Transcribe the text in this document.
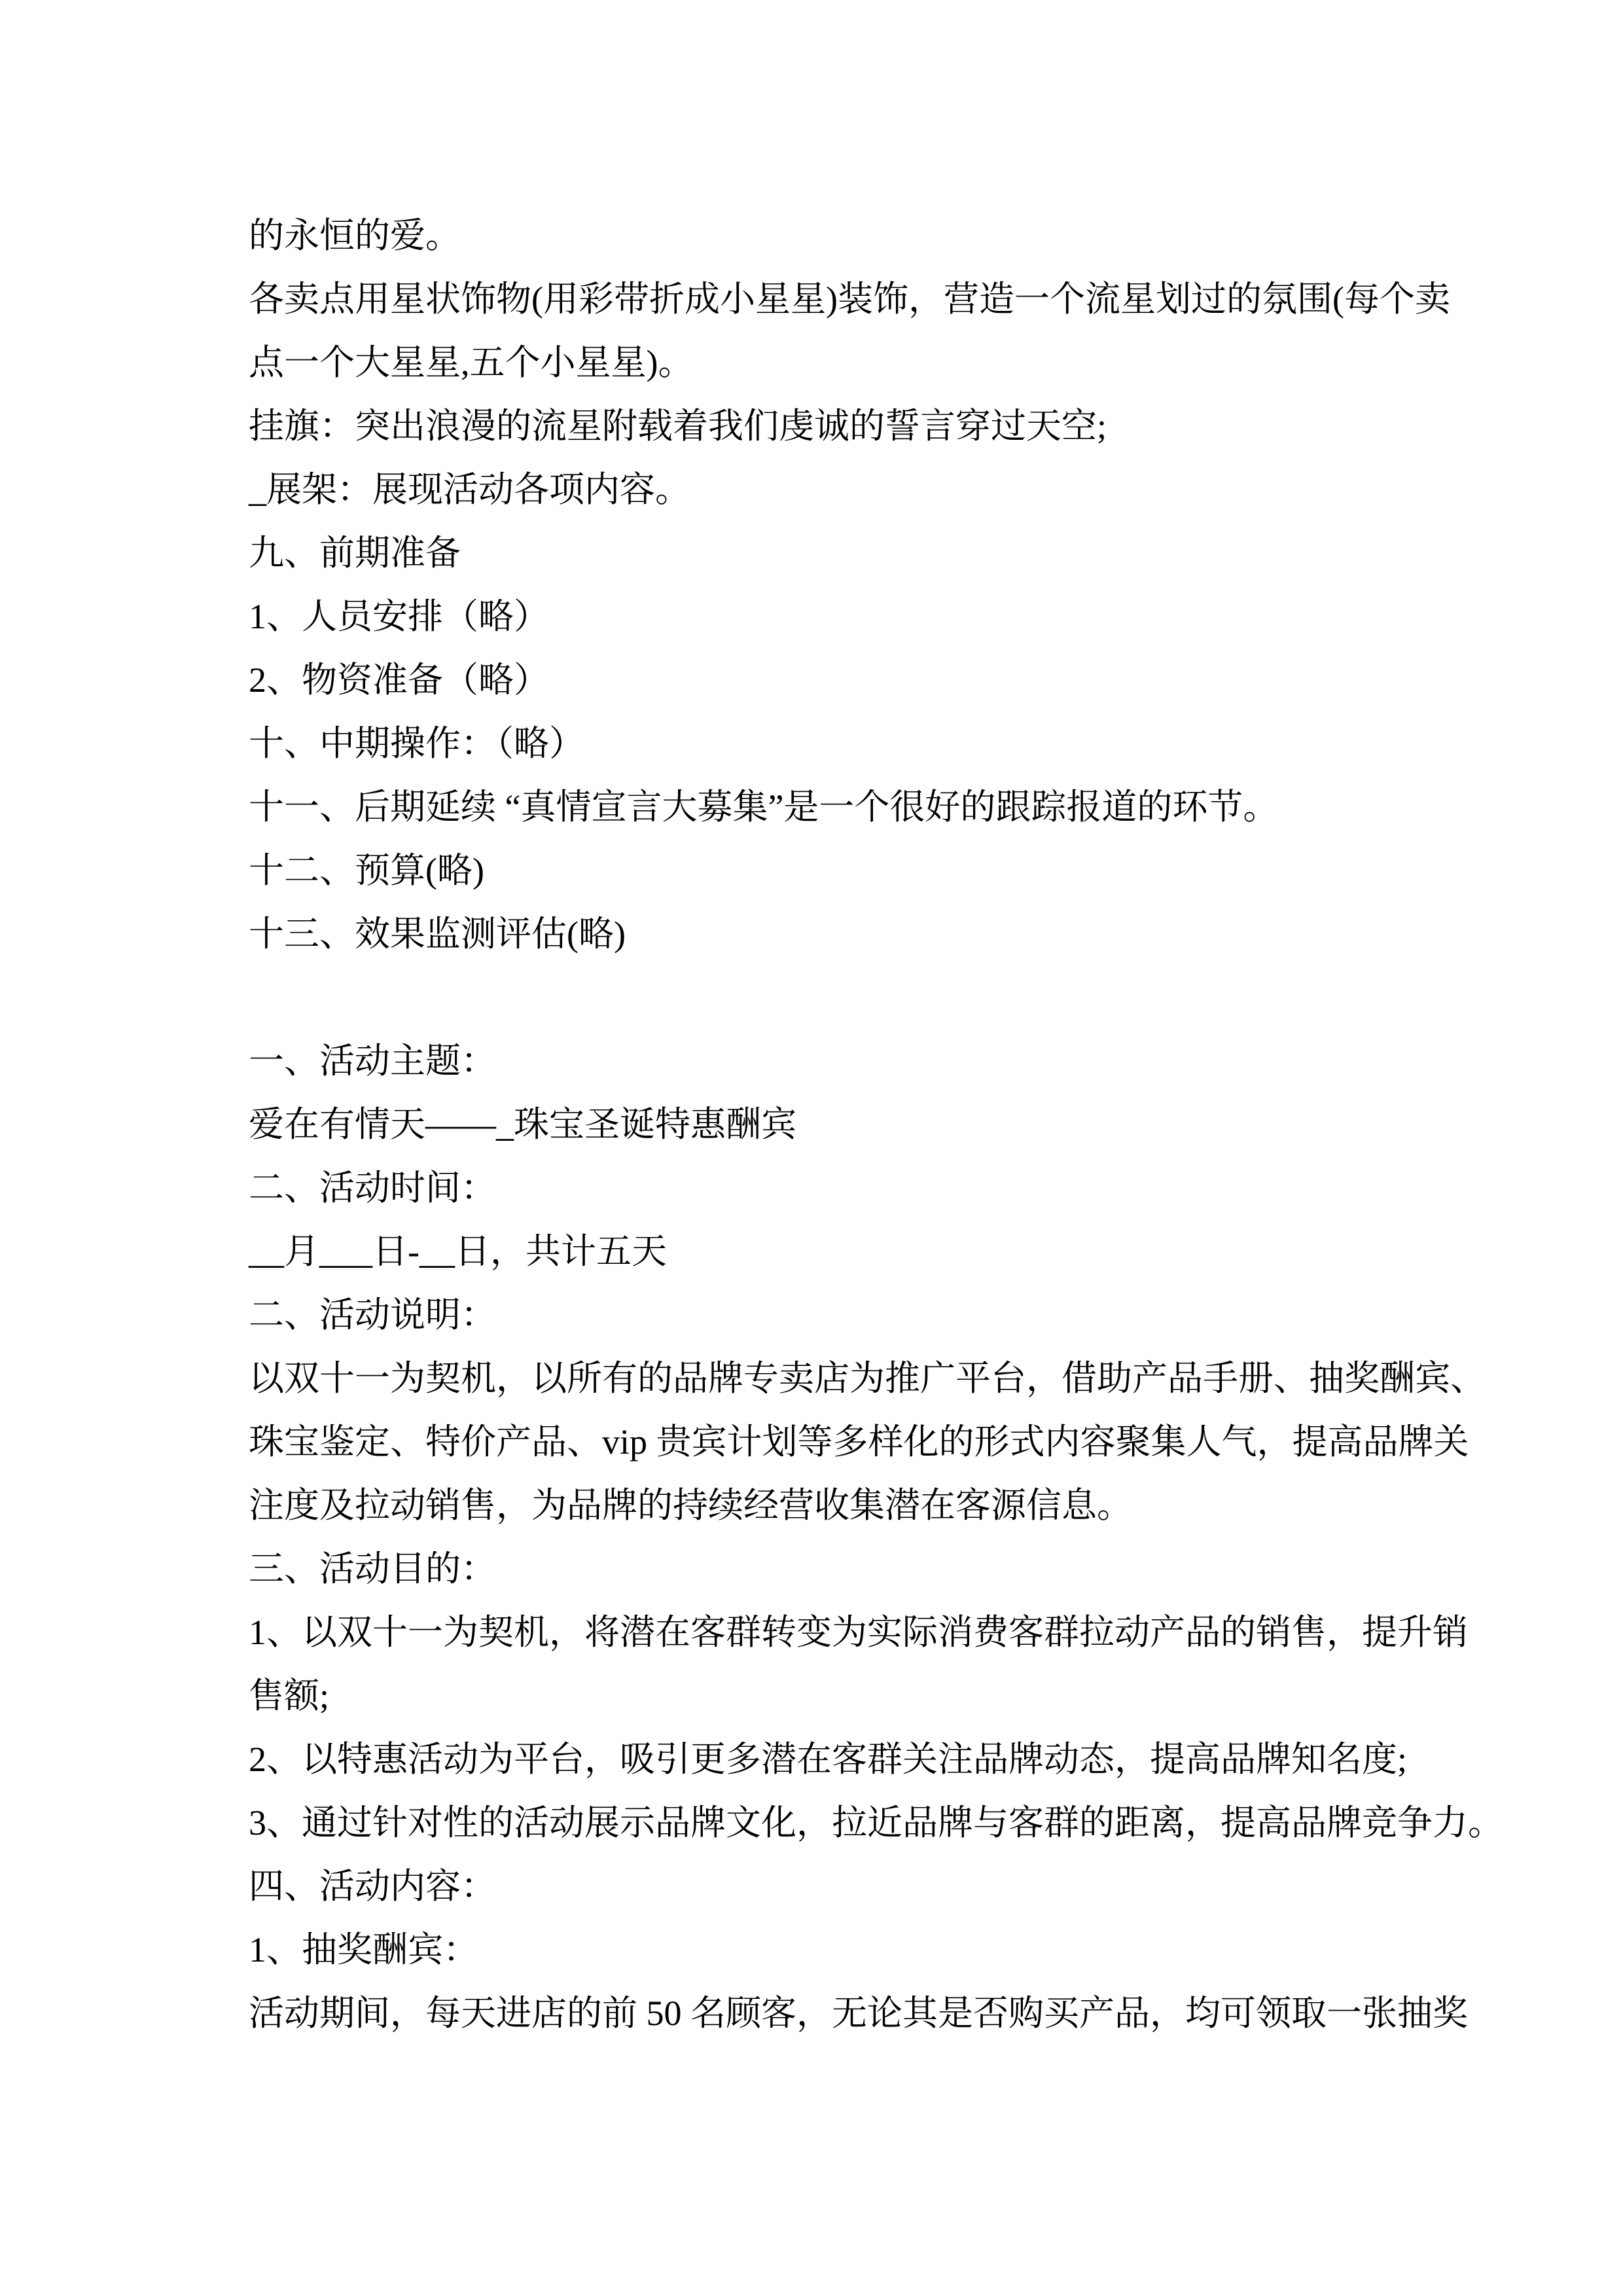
的永恒的爱。

各卖点用星状饰物(用彩带折成小星星)装饰，营造一个流星划过的氛围(每个卖

点一个大星星,五个小星星)。

挂旗：突出浪漫的流星附载着我们虔诚的誓言穿过天空;

_展架：展现活动各项内容。

九、前期准备

1、人员安排（略）

2、物资准备（略）

十、中期操作：（略）

十一、后期延续 “真情宣言大募集”是一个很好的跟踪报道的环节。

十二、预算(略)

十三、效果监测评估(略)

一、活动主题：

爱在有情天——_珠宝圣诞特惠酬宾

二、活动时间：

__月___日-__日，共计五天

二、活动说明：

以双十一为契机，以所有的品牌专卖店为推广平台，借助产品手册、抽奖酬宾、

珠宝鉴定、特价产品、vip 贵宾计划等多样化的形式内容聚集人气，提高品牌关

注度及拉动销售，为品牌的持续经营收集潜在客源信息。

三、活动目的：

1、以双十一为契机，将潜在客群转变为实际消费客群拉动产品的销售，提升销

售额;

2、以特惠活动为平台，吸引更多潜在客群关注品牌动态，提高品牌知名度;

3、通过针对性的活动展示品牌文化，拉近品牌与客群的距离，提高品牌竞争力。

四、活动内容：

1、抽奖酬宾：

活动期间，每天进店的前 50 名顾客，无论其是否购买产品，均可领取一张抽奖
